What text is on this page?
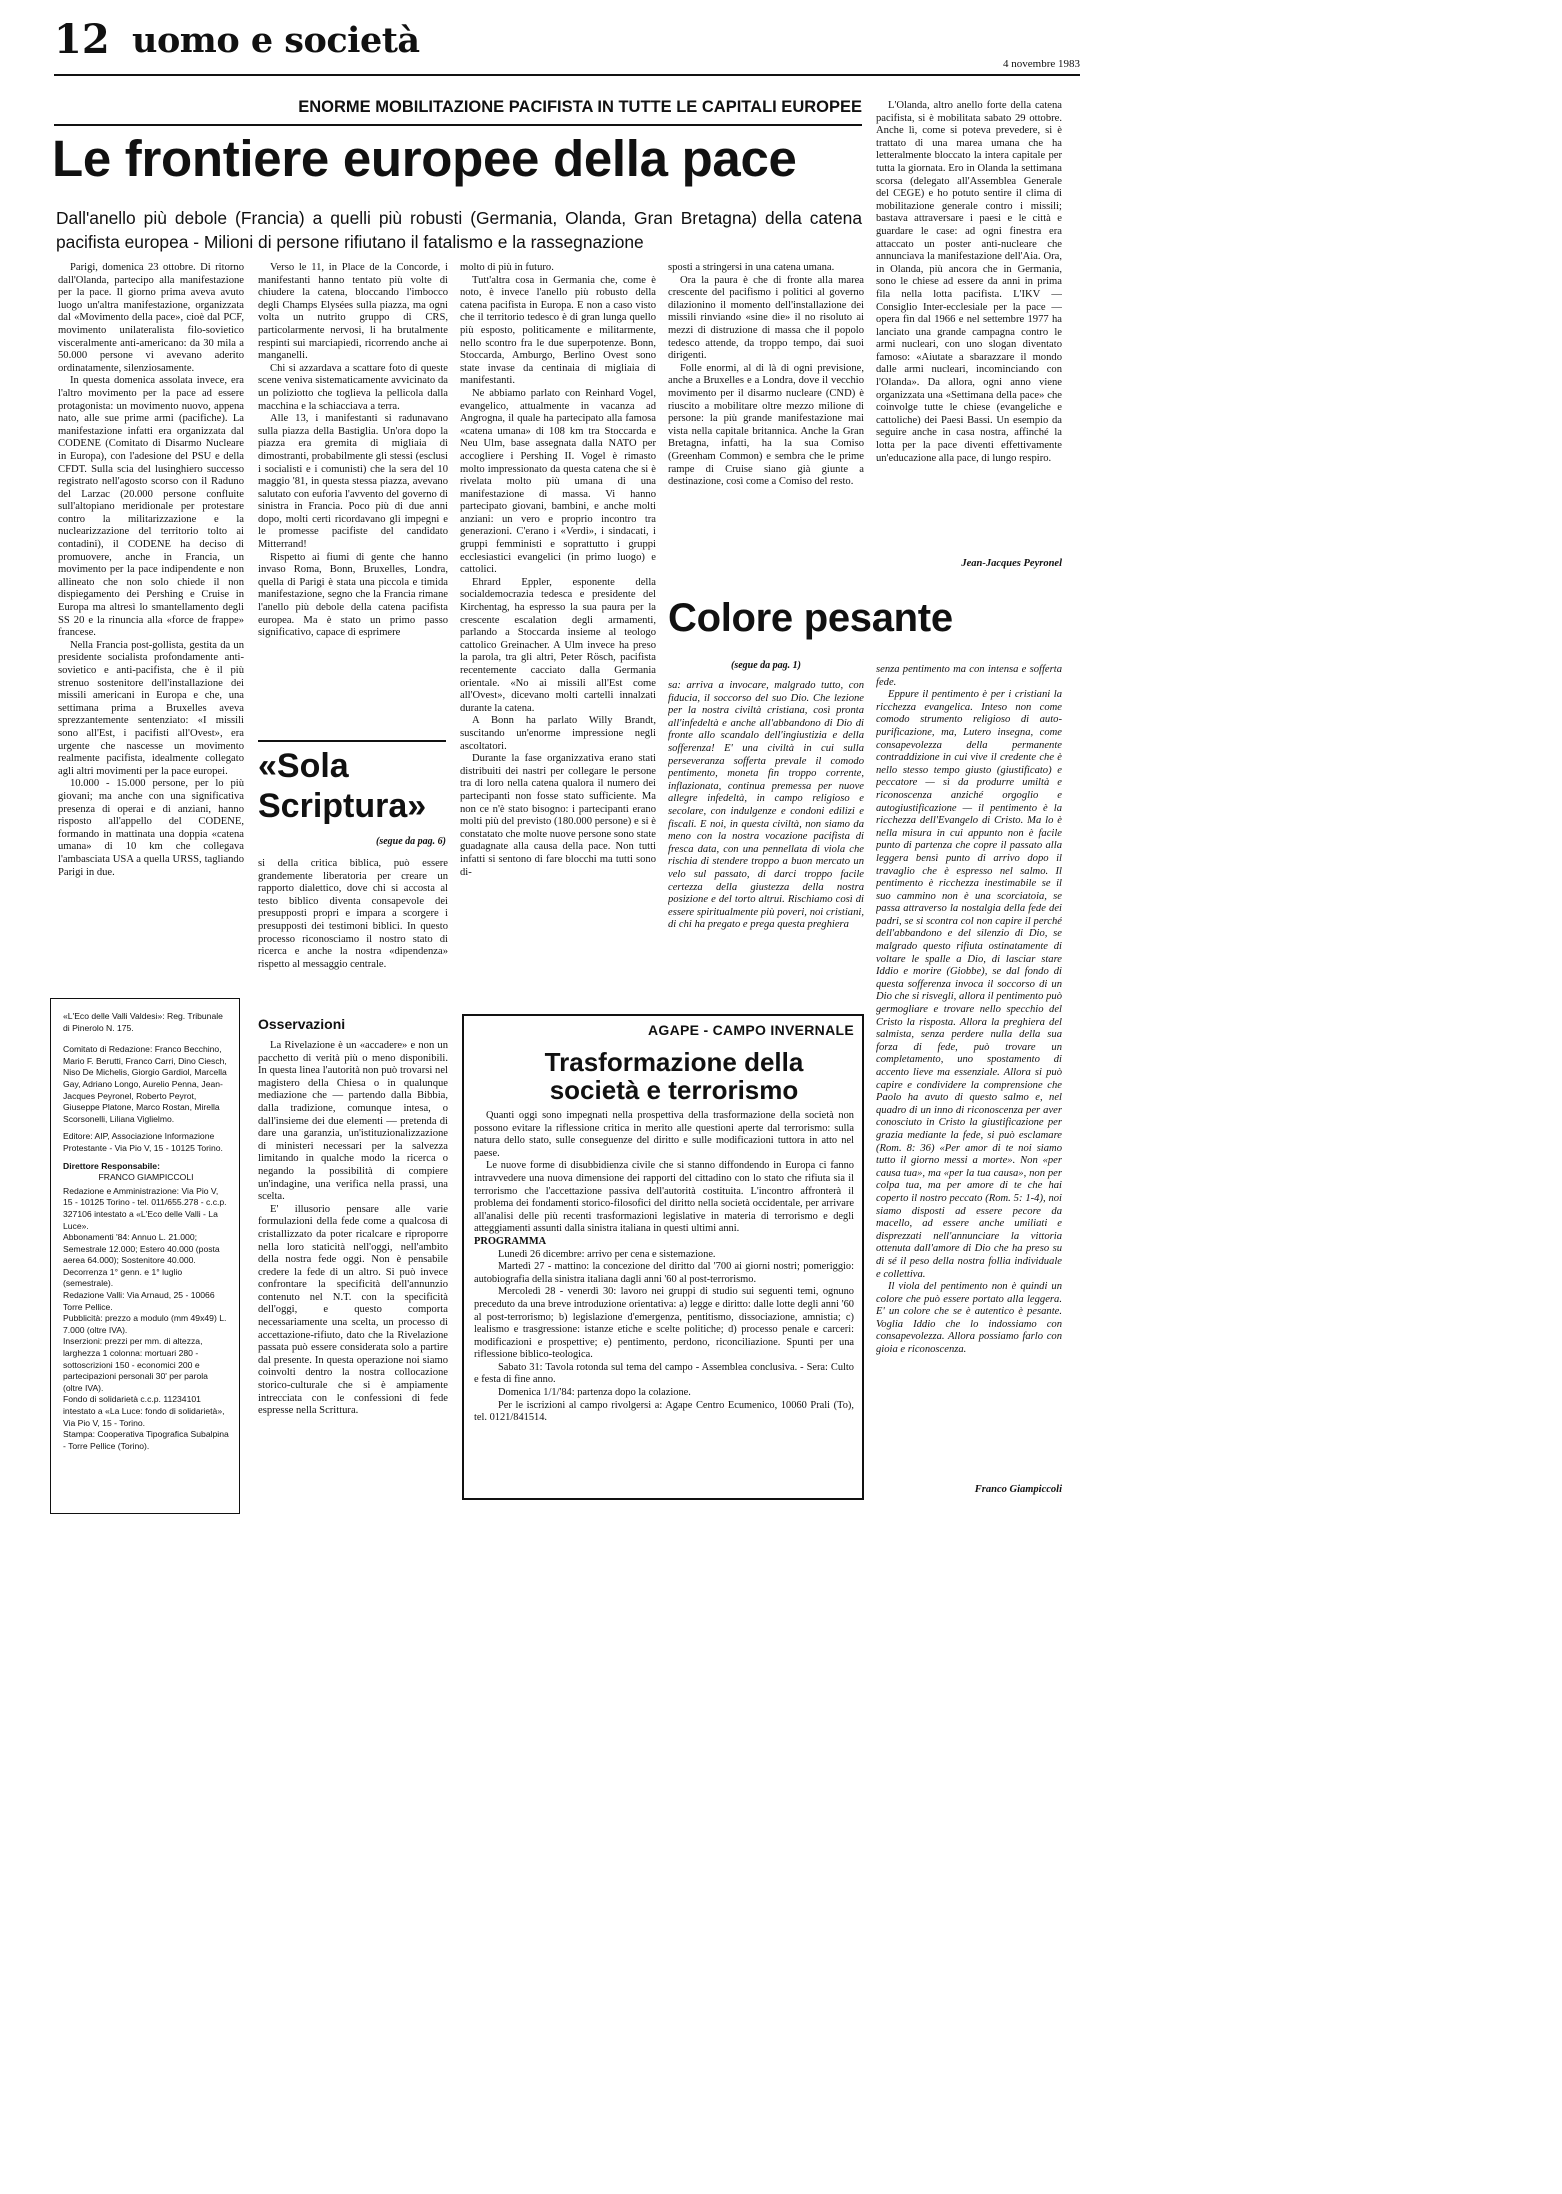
12 uomo e società
4 novembre 1983
ENORME MOBILITAZIONE PACIFISTA IN TUTTE LE CAPITALI EUROPEE
Le frontiere europee della pace
Dall'anello più debole (Francia) a quelli più robusti (Germania, Olanda, Gran Bretagna) della catena pacifista europea - Milioni di persone rifiutano il fatalismo e la rassegnazione

Parigi, domenica 23 ottobre. Di ritorno dall'Olanda, partecipo alla manifestazione per la pace. Il giorno prima aveva avuto luogo un'altra manifestazione, organizzata dal «Movimento della pace», cioè dal PCF, movimento unilateralista filo-sovietico visceralmente anti-americano: da 30 mila a 50.000 persone vi avevano aderito ordinatamente, silenziosamente.

In questa domenica assolata invece, era l'altro movimento per la pace ad essere protagonista: un movimento nuovo, appena nato, alle sue prime armi (pacifiche). La manifestazione infatti era organizzata dal CODENE (Comitato di Disarmo Nucleare in Europa), con l'adesione del PSU e della CFDT. Sulla scia del lusinghiero successo registrato nell'agosto scorso con il Raduno del Larzac (20.000 persone confluite sull'altopiano meridionale per protestare contro la militarizzazione e la nuclearizzazione del territorio tolto ai contadini), il CODENE ha deciso di promuovere, anche in Francia, un movimento per la pace indipendente e non allineato che non solo chiede il non dispiegamento dei Pershing e Cruise in Europa ma altresì lo smantellamento degli SS 20 e la rinuncia alla «force de frappe» francese.

Nella Francia post-gollista, gestita da un presidente socialista profondamente anti-sovietico e anti-pacifista, che è il più strenuo sostenitore dell'installazione dei missili americani in Europa e che, una settimana prima a Bruxelles aveva sprezzantemente sentenziato: «I missili sono all'Est, i pacifisti all'Ovest», era urgente che nascesse un movimento realmente pacifista, idealmente collegato agli altri movimenti per la pace europei.

10.000 - 15.000 persone, per lo più giovani; ma anche con una significativa presenza di operai e di anziani, hanno risposto all'appello del CODENE, formando in mattinata una doppia «catena umana» di 10 km che collegava l'ambasciata USA a quella URSS, tagliando Parigi in due.

Verso le 11, in Place de la Concorde, i manifestanti hanno tentato più volte di chiudere la catena, bloccando l'imbocco degli Champs Elysées sulla piazza, ma ogni volta un nutrito gruppo di CRS, particolarmente nervosi, li ha brutalmente respinti sui marciapiedi, ricorrendo anche ai manganelli.

Chi si azzardava a scattare foto di queste scene veniva sistematicamente avvicinato da un poliziotto che toglieva la pellicola dalla macchina e la schiacciava a terra.

Alle 13, i manifestanti si radunavano sulla piazza della Bastiglia. Un'ora dopo la piazza era gremita di migliaia di dimostranti, probabilmente gli stessi (esclusi i socialisti e i comunisti) che la sera del 10 maggio '81, in questa stessa piazza, avevano salutato con euforia l'avvento del governo di sinistra in Francia. Poco più di due anni dopo, molti certi ricordavano gli impegni e le promesse pacifiste del candidato Mitterrand!

Rispetto ai fiumi di gente che hanno invaso Roma, Bonn, Bruxelles, Londra, quella di Parigi è stata una piccola e timida manifestazione, segno che la Francia rimane l'anello più debole della catena pacifista europea. Ma è stato un primo passo significativo, capace di esprimere

molto di più in futuro.

Tutt'altra cosa in Germania che, come è noto, è invece l'anello più robusto della catena pacifista in Europa. E non a caso visto che il territorio tedesco è di gran lunga quello più esposto, politicamente e militarmente, nello scontro fra le due superpotenze. Bonn, Stoccarda, Amburgo, Berlino Ovest sono state invase da centinaia di migliaia di manifestanti.

Ne abbiamo parlato con Reinhard Vogel, evangelico, attualmente in vacanza ad Angrogna, il quale ha partecipato alla famosa «catena umana» di 108 km tra Stoccarda e Neu Ulm, base assegnata dalla NATO per accogliere i Pershing II. Vogel è rimasto molto impressionato da questa catena che si è rivelata molto più umana di una manifestazione di massa. Vi hanno partecipato giovani, bambini, e anche molti anziani: un vero e proprio incontro tra generazioni. C'erano i «Verdi», i sindacati, i gruppi femministi e soprattutto i gruppi ecclesiastici evangelici (in primo luogo) e cattolici.

Ehrard Eppler, esponente della socialdemocrazia tedesca e presidente del Kirchentag, ha espresso la sua paura per la crescente escalation degli armamenti, parlando a Stoccarda insieme al teologo cattolico Greinacher. A Ulm invece ha preso la parola, tra gli altri, Peter Rösch, pacifista recentemente cacciato dalla Germania orientale. «No ai missili all'Est come all'Ovest», dicevano molti cartelli innalzati durante la catena.

A Bonn ha parlato Willy Brandt, suscitando un'enorme impressione negli ascoltatori.

Durante la fase organizzativa erano stati distribuiti dei nastri per collegare le persone tra di loro nella catena qualora il numero dei partecipanti non fosse stato sufficiente. Ma non ce n'è stato bisogno: i partecipanti erano molti più del previsto (180.000 persone) e si è constatato che molte nuove persone sono state guadagnate alla causa della pace. Non tutti infatti si sentono di fare blocchi ma tutti sono di-

sposti a stringersi in una catena umana.

Ora la paura è che di fronte alla marea crescente del pacifismo i politici al governo dilazionino il momento dell'installazione dei missili rinviando «sine die» il no risoluto ai mezzi di distruzione di massa che il popolo tedesco attende, da troppo tempo, dai suoi dirigenti.

Folle enormi, al di là di ogni previsione, anche a Bruxelles e a Londra, dove il vecchio movimento per il disarmo nucleare (CND) è riuscito a mobilitare oltre mezzo milione di persone: la più grande manifestazione mai vista nella capitale britannica. Anche la Gran Bretagna, infatti, ha la sua Comiso (Greenham Common) e sembra che le prime rampe di Cruise siano già giunte a destinazione, così come a Comiso del resto.

L'Olanda, altro anello forte della catena pacifista, si è mobilitata sabato 29 ottobre. Anche lì, come si poteva prevedere, si è trattato di una marea umana che ha letteralmente bloccato la intera capitale per tutta la giornata. Ero in Olanda la settimana scorsa (delegato all'Assemblea Generale del CEGE) e ho potuto sentire il clima di mobilitazione generale contro i missili; bastava attraversare i paesi e le città e guardare le case: ad ogni finestra era attaccato un poster anti-nucleare che annunciava la manifestazione dell'Aia. Ora, in Olanda, più ancora che in Germania, sono le chiese ad essere da anni in prima fila nella lotta pacifista. L'IKV — Consiglio Inter-ecclesiale per la pace — opera fin dal 1966 e nel settembre 1977 ha lanciato una grande campagna contro le armi nucleari, con uno slogan diventato famoso: «Aiutate a sbarazzare il mondo dalle armi nucleari, incominciando con l'Olanda». Da allora, ogni anno viene organizzata una «Settimana della pace» che coinvolge tutte le chiese (evangeliche e cattoliche) dei Paesi Bassi. Un esempio da seguire anche in casa nostra, affinché la lotta per la pace diventi effettivamente un'educazione alla pace, di lungo respiro.

Jean-Jacques Peyronel
Colore pesante
(segue da pag. 1)

sa: arriva a invocare, malgrado tutto, con fiducia, il soccorso del suo Dio. Che lezione per la nostra civiltà cristiana, così pronta all'infedeltà e anche all'abbandono di Dio di fronte allo scandalo dell'ingiustizia e della sofferenza! E' una civiltà in cui sulla perseveranza sofferta prevale il comodo pentimento, moneta fin troppo corrente, inflazionata, continua premessa per nuove allegre infedeltà, in campo religioso e secolare, con indulgenze e condoni edilizi e fiscali. E noi, in questa civiltà, non siamo da meno con la nostra vocazione pacifista di fresca data, con una pennellata di viola che rischia di stendere troppo a buon mercato un velo sul passato, di darci troppo facile certezza della giustezza della nostra posizione e del torto altrui. Rischiamo così di essere spiritualmente più poveri, noi cristiani, di chi ha pregato e prega questa preghiera

senza pentimento ma con intensa e sofferta fede.

Eppure il pentimento è per i cristiani la ricchezza evangelica. Inteso non come comodo strumento religioso di auto-purificazione, ma, Lutero insegna, come consapevolezza della permanente contraddizione in cui vive il credente che è nello stesso tempo giusto (giustificato) e peccatore — sì da produrre umiltà e riconoscenza anziché orgoglio e autogiustificazione — il pentimento è la ricchezza dell'Evangelo di Cristo. Ma lo è nella misura in cui appunto non è facile punto di partenza che copre il passato alla leggera bensì punto di arrivo dopo il travaglio che è espresso nel salmo. Il pentimento è ricchezza inestimabile se il suo cammino non è una scorciatoia, se passa attraverso la nostalgia della fede dei padri, se si scontra col non capire il perché dell'abbandono e del silenzio di Dio, se malgrado questo rifiuta ostinatamente di voltare le spalle a Dio, di lasciar stare Iddio e morire (Giobbe), se dal fondo di questa sofferenza invoca il soccorso di un Dio che si risvegli, allora il pentimento può germogliare e trovare nello specchio del Cristo la risposta. Allora la preghiera del salmista, senza perdere nulla della sua forza di fede, può trovare un completamento, uno spostamento di accento lieve ma essenziale. Allora si può capire e condividere la comprensione che Paolo ha avuto di questo salmo e, nel quadro di un inno di riconoscenza per aver conosciuto in Cristo la giustificazione per grazia mediante la fede, si può esclamare (Rom. 8: 36) «Per amor di te noi siamo tutto il giorno messi a morte». Non «per causa tua», ma «per la tua causa», non per colpa tua, ma per amore di te che hai coperto il nostro peccato (Rom. 5: 1-4), noi siamo disposti ad essere pecore da macello, ad essere anche umiliati e disprezzati nell'annunciare la vittoria ottenuta dall'amore di Dio che ha preso su di sé il peso della nostra follia individuale e collettiva.

Il viola del pentimento non è quindi un colore che può essere portato alla leggera. E' un colore che se è autentico è pesante. Voglia Iddio che lo indossiamo con consapevolezza. Allora possiamo farlo con gioia e riconoscenza.

Franco Giampiccoli
«Sola
Scriptura»
(segue da pag. 6)

si della critica biblica, può essere grandemente liberatoria per creare un rapporto dialettico, dove chi si accosta al testo biblico diventa consapevole dei presupposti propri e impara a scorgere i presupposti dei testimoni biblici. In questo processo riconosciamo il nostro stato di ricerca e anche la nostra «dipendenza» rispetto al messaggio centrale.

Osservazioni

La Rivelazione è un «accadere» e non un pacchetto di verità più o meno disponibili. In questa linea l'autorità non può trovarsi nel magistero della Chiesa o in qualunque mediazione che — partendo dalla Bibbia, dalla tradizione, comunque intesa, o dall'insieme dei due elementi — pretenda di dare una garanzia, un'istituzionalizzazione di ministeri necessari per la salvezza limitando in qualche modo la ricerca o negando la possibilità di compiere un'indagine, una verifica nella prassi, una scelta.

E' illusorio pensare alle varie formulazioni della fede come a qualcosa di cristallizzato da poter ricalcare e riproporre nella loro staticità nell'oggi, nell'ambito della nostra fede oggi. Non è pensabile credere la fede di un altro. Si può invece confrontare la specificità dell'annunzio contenuto nel N.T. con la specificità dell'oggi, e questo comporta necessariamente una scelta, un processo di accettazione-rifiuto, dato che la Rivelazione passata può essere considerata solo a partire dal presente. In questa operazione noi siamo coinvolti dentro la nostra collocazione storico-culturale che si è ampiamente intrecciata con le confessioni di fede espresse nella Scrittura.

«L'Eco delle Valli Valdesi»: Reg. Tribunale di Pinerolo N. 175.
Comitato di Redazione: Franco Becchino, Mario F. Berutti, Franco Carri, Dino Ciesch, Niso De Michelis, Giorgio Gardiol, Marcella Gay, Adriano Longo, Aurelio Penna, Jean-Jacques Peyronel, Roberto Peyrot, Giuseppe Platone, Marco Rostan, Mirella Scorsonelli, Liliana Viglielmo.
Editore: AIP, Associazione Informazione Protestante - Via Pio V, 15 - 10125 Torino.
Direttore Responsabile:
FRANCO GIAMPICCOLI
Redazione e Amministrazione: Via Pio V, 15 - 10125 Torino - tel. 011/655.278 - c.c.p. 327106 intestato a «L'Eco delle Valli - La Luce».
Abbonamenti '84: Annuo L. 21.000; Semestrale 12.000; Estero 40.000 (posta aerea 64.000); Sostenitore 40.000. Decorrenza 1° genn. e 1° luglio (semestrale).
Redazione Valli: Via Arnaud, 25 - 10066 Torre Pellice.
Pubblicità: prezzo a modulo (mm 49x49) L. 7.000 (oltre IVA).
Inserzioni: prezzi per mm. di altezza, larghezza 1 colonna: mortuari 280 - sottoscrizioni 150 - economici 200 e partecipazioni personali 30' per parola (oltre IVA).
Fondo di solidarietà c.c.p. 11234101 intestato a «La Luce: fondo di solidarietà», Via Pio V, 15 - Torino.
Stampa: Cooperativa Tipografica Subalpina - Torre Pellice (Torino).
AGAPE - CAMPO INVERNALE
Trasformazione della società e terrorismo

Quanti oggi sono impegnati nella prospettiva della trasformazione della società non possono evitare la riflessione critica in merito alle questioni aperte dal terrorismo: sulla natura dello stato, sulle conseguenze del diritto e sulle modificazioni tuttora in atto nel paese.

Le nuove forme di disubbidienza civile che si stanno diffondendo in Europa ci fanno intravvedere una nuova dimensione dei rapporti del cittadino con lo stato che rifiuta sia il terrorismo che l'accettazione passiva dell'autorità costituita. L'incontro affronterà il problema dei fondamenti storico-filosofici del diritto nella società occidentale, per arrivare all'analisi delle più recenti trasformazioni legislative in materia di terrorismo e degli atteggiamenti assunti dalla sinistra italiana in questi ultimi anni.

PROGRAMMA

Lunedì 26 dicembre: arrivo per cena e sistemazione.

Martedì 27 - mattino: la concezione del diritto dal '700 ai giorni nostri; pomeriggio: autobiografia della sinistra italiana dagli anni '60 al post-terrorismo.

Mercoledì 28 - venerdì 30: lavoro nei gruppi di studio sui seguenti temi, ognuno preceduto da una breve introduzione orientativa: a) legge e diritto: dalle lotte degli anni '60 al post-terrorismo; b) legislazione d'emergenza, pentitismo, dissociazione, amnistia; c) lealismo e trasgressione: istanze etiche e scelte politiche; d) processo penale e carceri: modificazioni e prospettive; e) pentimento, perdono, riconciliazione. Spunti per una riflessione biblico-teologica.

Sabato 31: Tavola rotonda sul tema del campo - Assemblea conclusiva. - Sera: Culto e festa di fine anno.

Domenica 1/1/'84: partenza dopo la colazione.

Per le iscrizioni al campo rivolgersi a: Agape Centro Ecumenico, 10060 Prali (To), tel. 0121/841514.
